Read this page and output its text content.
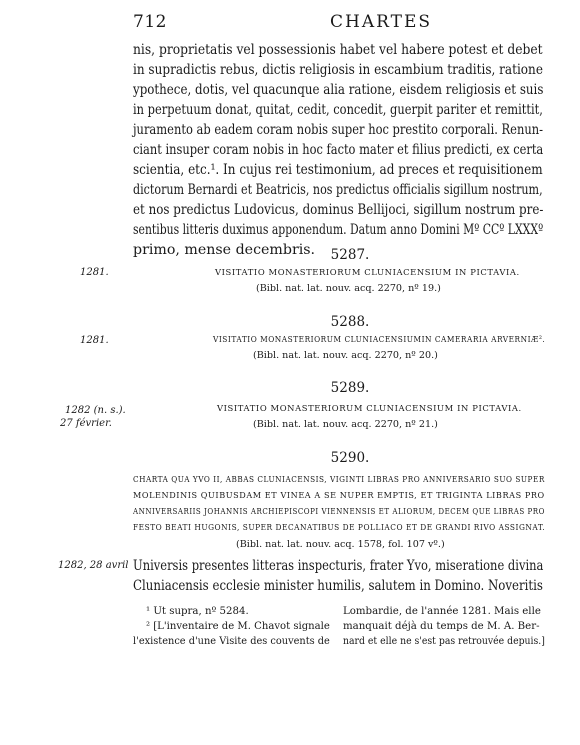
712	CHARTES
nis, proprietatis vel possessionis habet vel habere potest et debet
in supradictis rebus, dictis religiosis in escambium traditis, ratione
ypothece, dotis, vel quacunque alia ratione, eisdem religiosis et suis
in perpetuum donat, quitat, cedit, concedit, guerpit pariter et remittit,
juramento ab eadem coram nobis super hoc prestito corporali. Renun-
ciant insuper coram nobis in hoc facto mater et filius predicti, ex certa
scientia, etc.¹. In cujus rei testimonium, ad preces et requisitionem
dictorum Bernardi et Beatricis, nos predictus officialis sigillum nostrum,
et nos predictus Ludovicus, dominus Bellijoci, sigillum nostrum pre-
sentibus litteris duximus apponendum. Datum anno Domini Mº CCº LXXXº
primo, mense decembris.	5287.
1281.	VISITATIO MONASTERIORUM CLUNIACENSIUM IN PICTAVIA.
(Bibl. nat. lat. nouv. acq. 2270, nº 19.)
5288.
1281.	VISITATIO MONASTERIORUM CLUNIACENSIUMIN CAMERARIA ARVERNIÆ².
(Bibl. nat. lat. nouv. acq. 2270, nº 20.)
5289.
1282 (n. s.).
27 février.
VISITATIO MONASTERIORUM CLUNIACENSIUM IN PICTAVIA.
(Bibl. nat. lat. nouv. acq. 2270, nº 21.)
5290.
CHARTA QUA YVO II, ABBAS CLUNIACENSIS, VIGINTI LIBRAS PRO ANNIVERSARIO SUO SUPER
MOLENDINIS QUIBUSDAM ET VINEA A SE NUPER EMPTIS, ET TRIGINTA LIBRAS PRO
ANNIVERSARIIS JOHANNIS ARCHIEPISCOPI VIENNENSIS ET ALIORUM, DECEM QUE LIBRAS PRO
FESTO BEATI HUGONIS, SUPER DECANATIBUS DE POLLIACO ET DE GRANDI RIVO ASSIGNAT.
(Bibl. nat. lat. nouv. acq. 1578, fol. 107 vº.)
1282, 28 avril Universis presentes litteras inspecturis, frater Yvo, miseratione divina
Cluniacensis ecclesie minister humilis, salutem in Domino. Noveritis
¹ Ut supra, nº 5284.
² [L'inventaire de M. Chavot signale
l'existence d'une Visite des couvents de
Lombardie, de l'année 1281. Mais elle
manquait déjà du temps de M. A. Ber-
nard et elle ne s'est pas retrouvée depuis.]
